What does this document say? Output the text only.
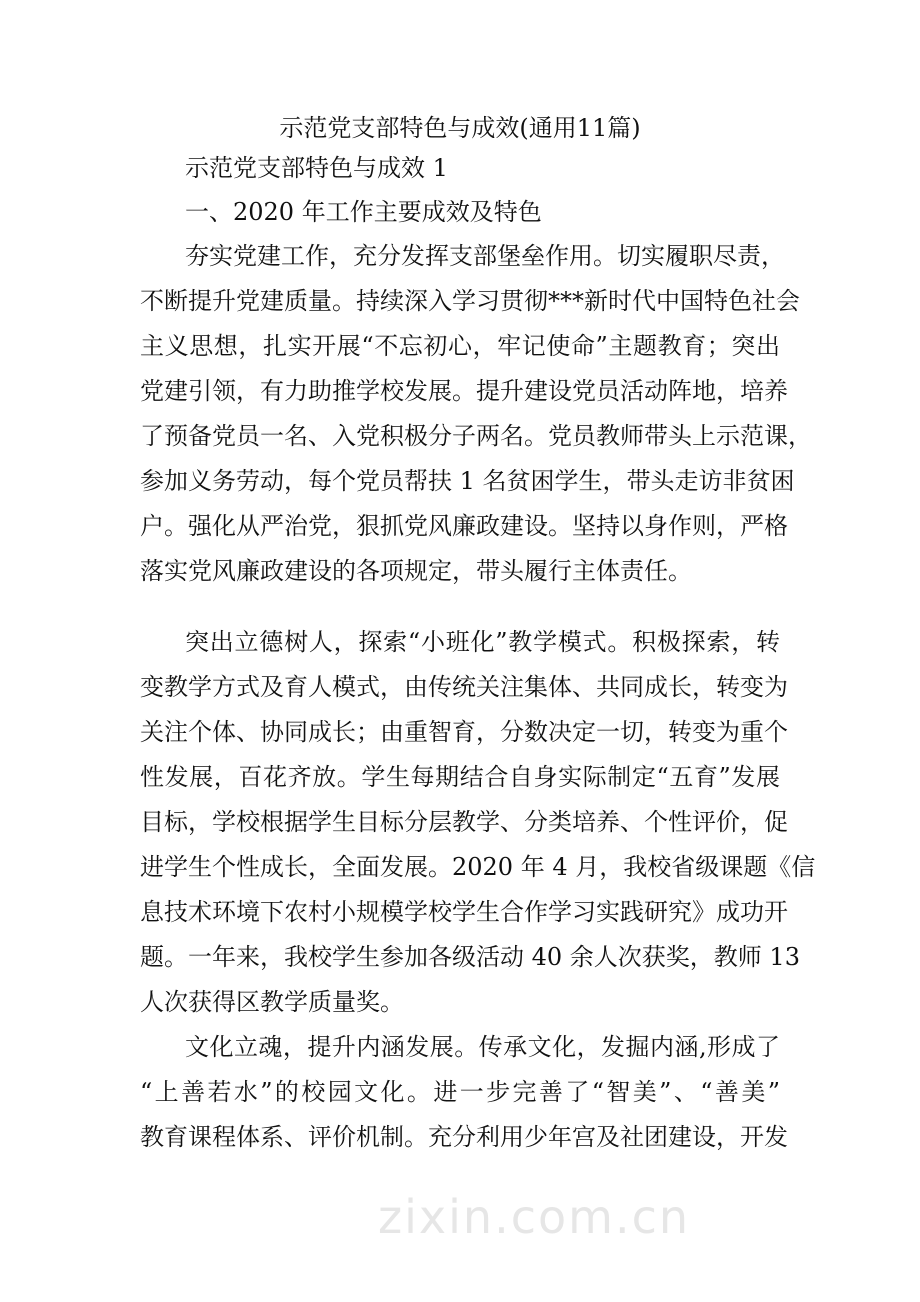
zixin.com.cn
示范党支部特色与成效(通用11篇)
示范党支部特色与成效 1
一、2020 年工作主要成效及特色
夯实党建工作，充分发挥支部堡垒作用。切实履职尽责，
不断提升党建质量。持续深入学习贯彻***新时代中国特色社会
主义思想，扎实开展“不忘初心，牢记使命”主题教育；突出
党建引领，有力助推学校发展。提升建设党员活动阵地，培养
了预备党员一名、入党积极分子两名。党员教师带头上示范课，
参加义务劳动，每个党员帮扶 1 名贫困学生，带头走访非贫困
户。强化从严治党，狠抓党风廉政建设。坚持以身作则，严格
落实党风廉政建设的各项规定，带头履行主体责任。
突出立德树人，探索“小班化”教学模式。积极探索，转
变教学方式及育人模式，由传统关注集体、共同成长，转变为
关注个体、协同成长；由重智育，分数决定一切，转变为重个
性发展，百花齐放。学生每期结合自身实际制定“五育”发展
目标，学校根据学生目标分层教学、分类培养、个性评价，促
进学生个性成长，全面发展。2020 年 4 月，我校省级课题《信
息技术环境下农村小规模学校学生合作学习实践研究》成功开
题。一年来，我校学生参加各级活动 40 余人次获奖，教师 13
人次获得区教学质量奖。
文化立魂，提升内涵发展。传承文化，发掘内涵,形成了
“上善若水”的校园文化。进一步完善了“智美”、“善美”
教育课程体系、评价机制。充分利用少年宫及社团建设，开发
